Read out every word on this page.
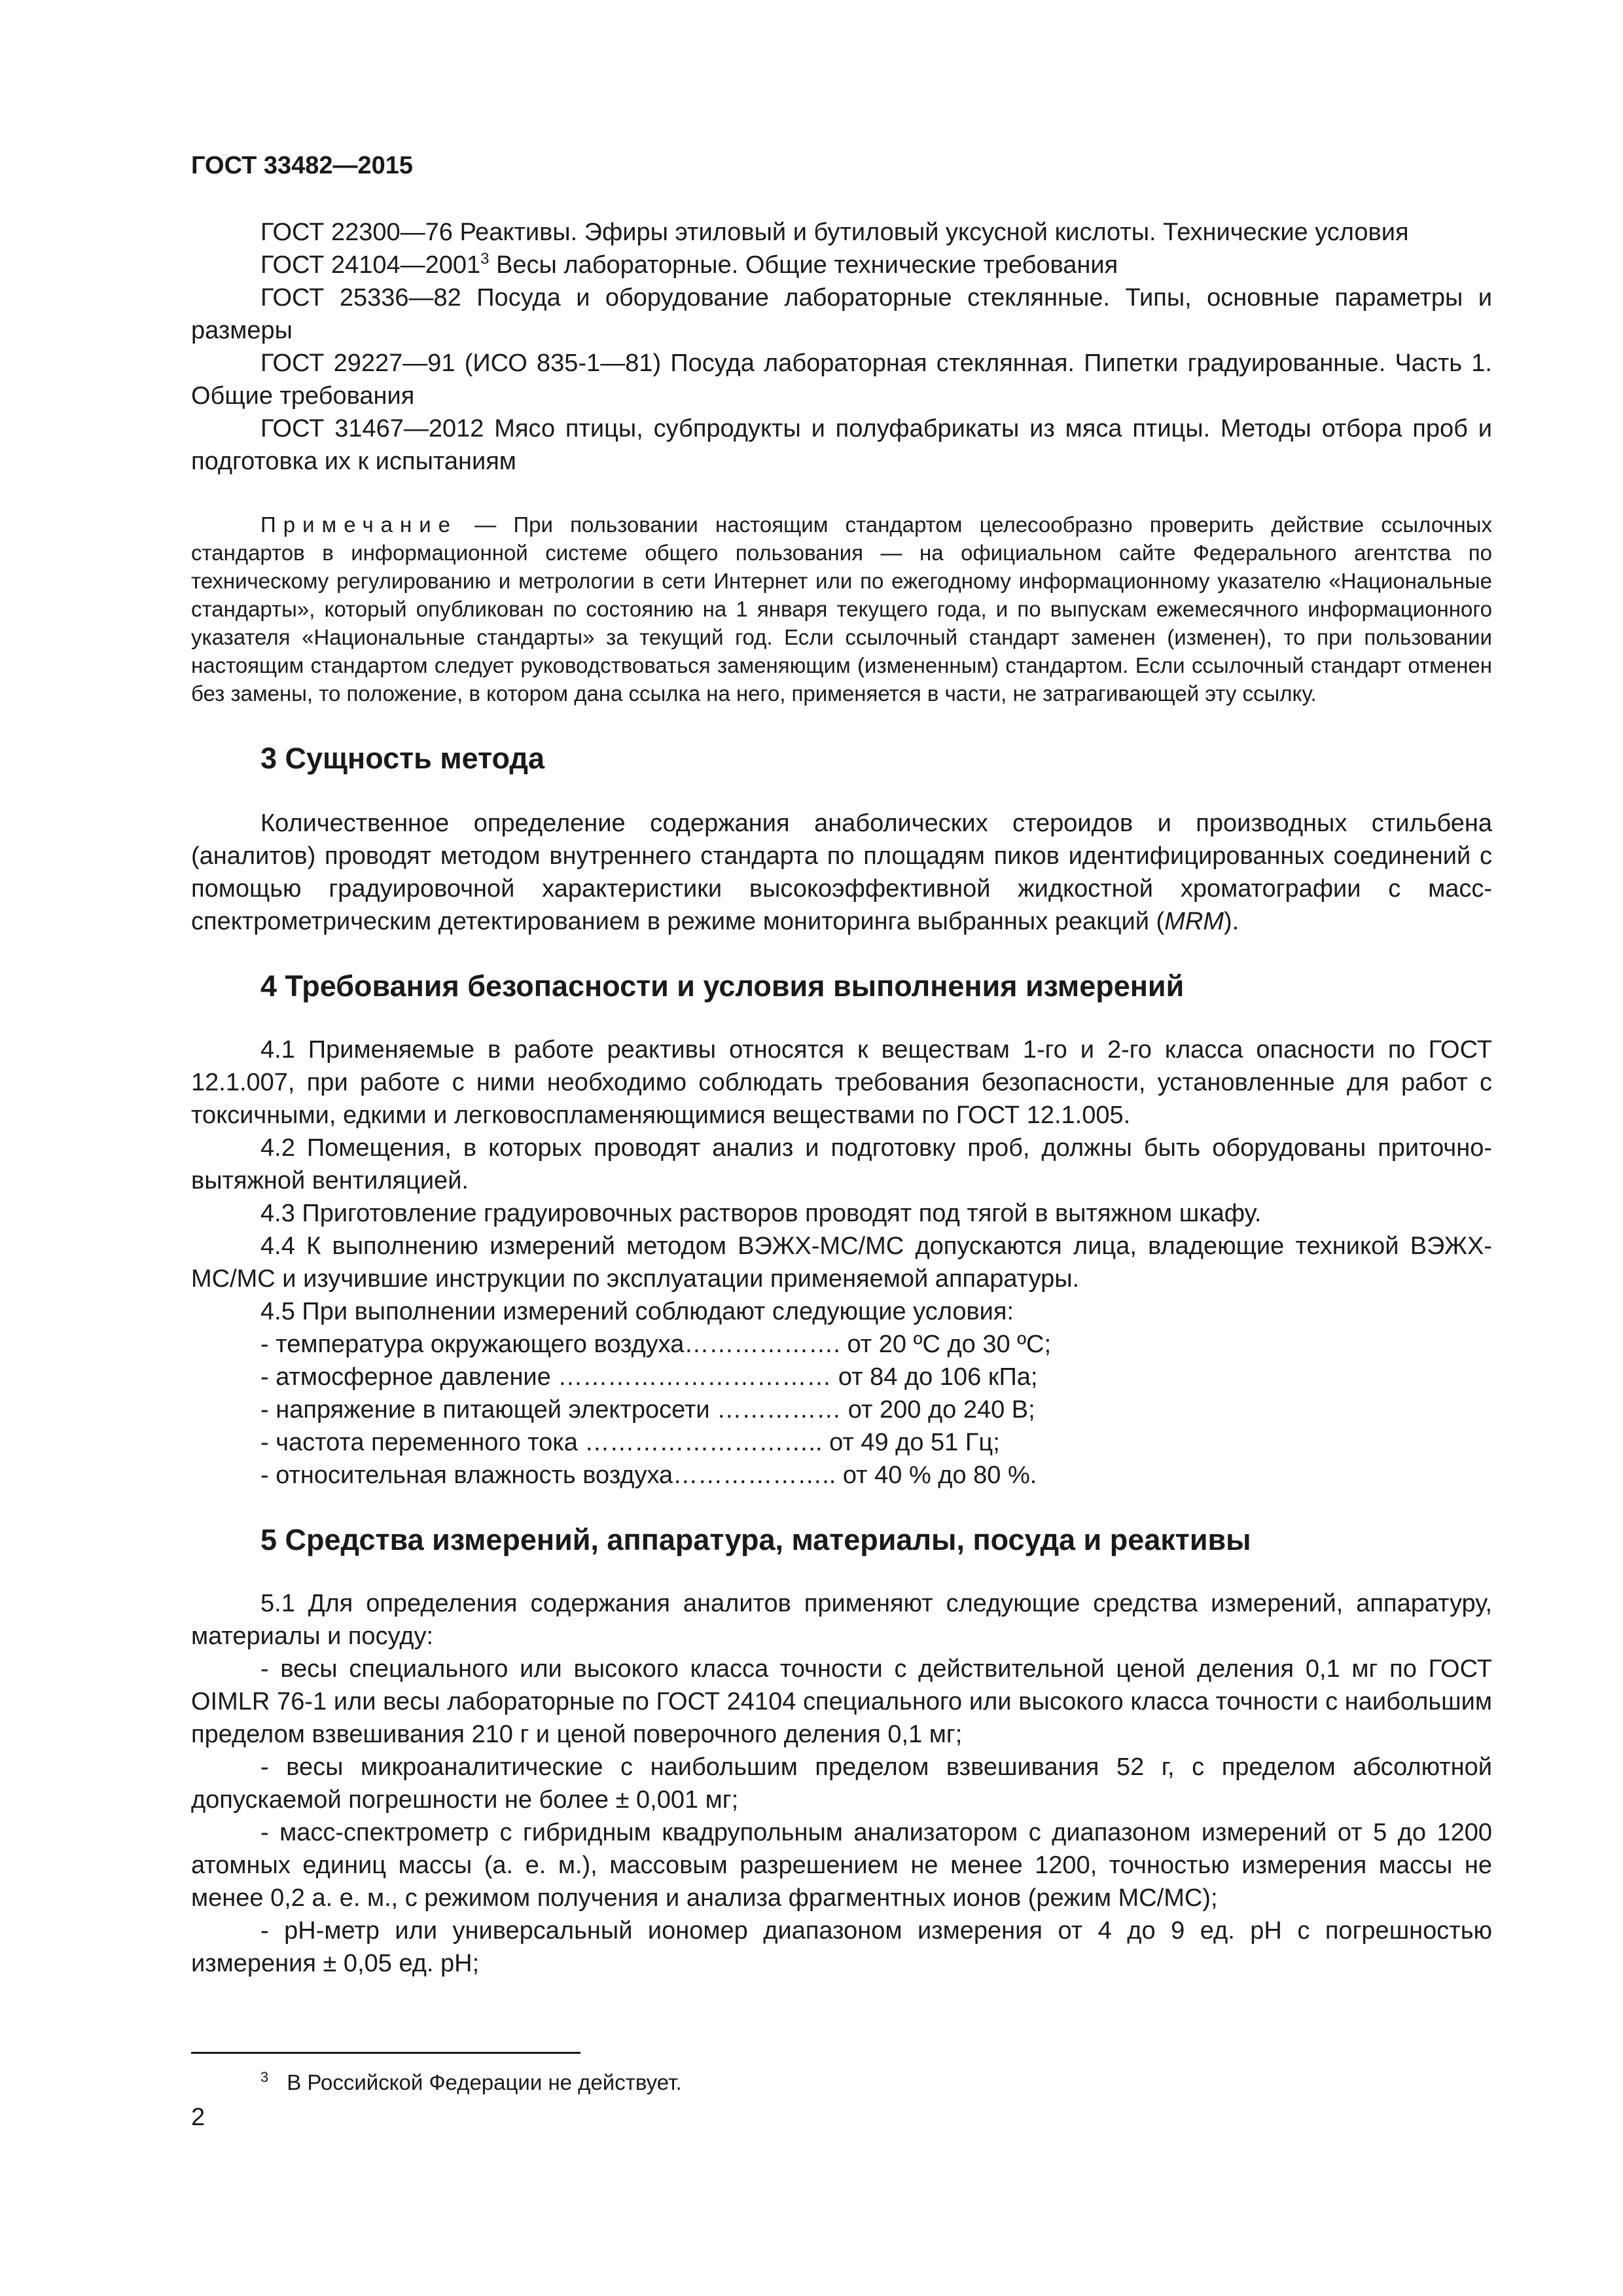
ГОСТ 33482—2015

ГОСТ 22300—76 Реактивы. Эфиры этиловый и бутиловый уксусной кислоты. Технические условия

ГОСТ 24104—2001$^3$ Весы лабораторные. Общие технические требования

ГОСТ 25336—82 Посуда и оборудование лабораторные стеклянные. Типы, основные параметры и размеры

ГОСТ 29227—91 (ИСО 835-1—81) Посуда лабораторная стеклянная. Пипетки градуированные. Часть 1. Общие требования

ГОСТ 31467—2012 Мясо птицы, субпродукты и полуфабрикаты из мяса птицы. Методы отбора проб и подготовка их к испытаниям

Примечание — При пользовании настоящим стандартом целесообразно проверить действие ссылочных стандартов в информационной системе общего пользования — на официальном сайте Федерального агентства по техническому регулированию и метрологии в сети Интернет или по ежегодному информационному указателю «Национальные стандарты», который опубликован по состоянию на 1 января текущего года, и по выпускам ежемесячного информационного указателя «Национальные стандарты» за текущий год. Если ссылочный стандарт заменен (изменен), то при пользовании настоящим стандартом следует руководствоваться заменяющим (измененным) стандартом. Если ссылочный стандарт отменен без замены, то положение, в котором дана ссылка на него, применяется в части, не затрагивающей эту ссылку.

3 Сущность метода

Количественное определение содержания анаболических стероидов и производных стильбена (аналитов) проводят методом внутреннего стандарта по площадям пиков идентифицированных соединений с помощью градуировочной характеристики высокоэффективной жидкостной хроматографии с масс-спектрометрическим детектированием в режиме мониторинга выбранных реакций (MRM).

4 Требования безопасности и условия выполнения измерений

4.1 Применяемые в работе реактивы относятся к веществам 1-го и 2-го класса опасности по ГОСТ 12.1.007, при работе с ними необходимо соблюдать требования безопасности, установленные для работ с токсичными, едкими и легковоспламеняющимися веществами по ГОСТ 12.1.005.

4.2 Помещения, в которых проводят анализ и подготовку проб, должны быть оборудованы приточно-вытяжной вентиляцией.

4.3 Приготовление градуировочных растворов проводят под тягой в вытяжном шкафу.

4.4 К выполнению измерений методом ВЭЖХ-МС/МС допускаются лица, владеющие техникой ВЭЖХ-МС/МС и изучившие инструкции по эксплуатации применяемой аппаратуры.

4.5 При выполнении измерений соблюдают следующие условия:

- температура окружающего воздуха………………. от 20 ºС до 30 ºС;

- атмосферное давление …………………………… от 84 до 106 кПа;

- напряжение в питающей электросети …………… от 200 до 240 В;

- частота переменного тока ……………………….. от 49 до 51 Гц;

- относительная влажность воздуха……………….. от 40 % до 80 %.

5 Средства измерений, аппаратура, материалы, посуда и реактивы

5.1 Для определения содержания аналитов применяют следующие средства измерений, аппаратуру, материалы и посуду:

- весы специального или высокого класса точности с действительной ценой деления 0,1 мг по ГОСТ OIMLR 76-1 или весы лабораторные по ГОСТ 24104 специального или высокого класса точности с наибольшим пределом взвешивания 210 г и ценой поверочного деления 0,1 мг;

- весы микроаналитические с наибольшим пределом взвешивания 52 г, с пределом абсолютной допускаемой погрешности не более ± 0,001 мг;

- масс-спектрометр с гибридным квадрупольным анализатором с диапазоном измерений от 5 до 1200 атомных единиц массы (а. е. м.), массовым разрешением не менее 1200, точностью измерения массы не менее 0,2 а. е. м., с режимом получения и анализа фрагментных ионов (режим МС/МС);

- рН-метр или универсальный иономер диапазоном измерения от 4 до 9 ед. рН с погрешностью измерения ± 0,05 ед. рН;

$^3$ В Российской Федерации не действует.
2
